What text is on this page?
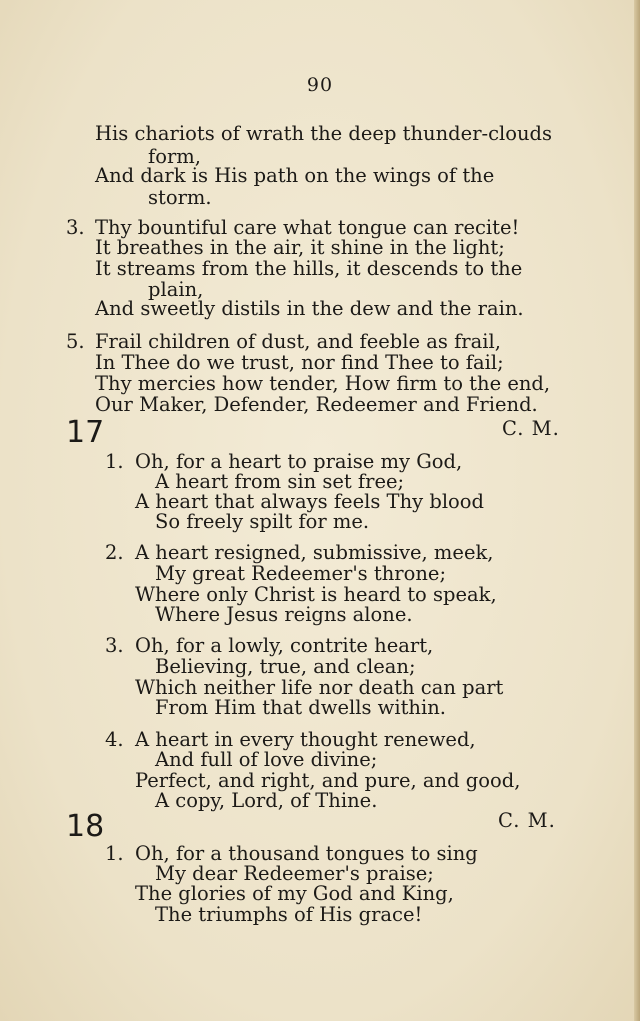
90
His chariots of wrath the deep thunder-clouds
form,
And dark is His path on the wings of the
storm.
3. Thy bountiful care what tongue can recite!
It breathes in the air, it shine in the light;
It streams from the hills, it descends to the
plain,
And sweetly distils in the dew and the rain.
5. Frail children of dust, and feeble as frail,
In Thee do we trust, nor find Thee to fail;
Thy mercies how tender, How firm to the end,
Our Maker, Defender, Redeemer and Friend.
17	C. M.
1. Oh, for a heart to praise my God,
A heart from sin set free;
A heart that always feels Thy blood
So freely spilt for me.
2. A heart resigned, submissive, meek,
My great Redeemer's throne;
Where only Christ is heard to speak,
Where Jesus reigns alone.
3. Oh, for a lowly, contrite heart,
Believing, true, and clean;
Which neither life nor death can part
From Him that dwells within.
4. A heart in every thought renewed,
And full of love divine;
Perfect, and right, and pure, and good,
A copy, Lord, of Thine.
18	C. M.
1. Oh, for a thousand tongues to sing
My dear Redeemer's praise;
The glories of my God and King,
The triumphs of His grace!
